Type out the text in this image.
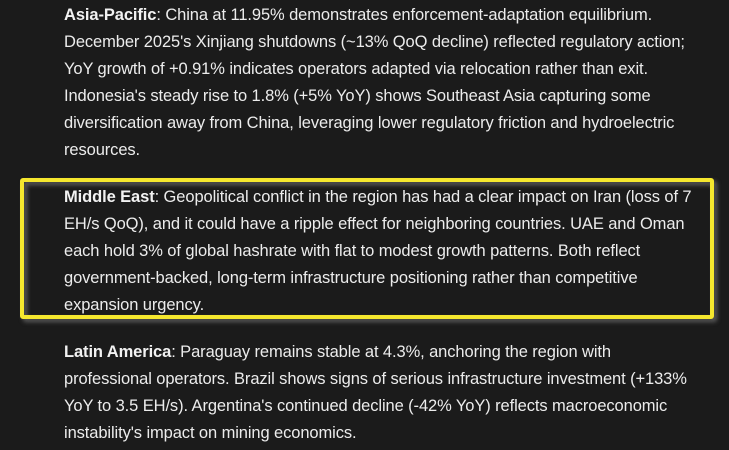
Asia-Pacific: China at 11.95% demonstrates enforcement-adaptation equilibrium. December 2025's Xinjiang shutdowns (~13% QoQ decline) reflected regulatory action; YoY growth of +0.91% indicates operators adapted via relocation rather than exit. Indonesia's steady rise to 1.8% (+5% YoY) shows Southeast Asia capturing some diversification away from China, leveraging lower regulatory friction and hydroelectric resources.

Middle East: Geopolitical conflict in the region has had a clear impact on Iran (loss of 7 EH/s QoQ), and it could have a ripple effect for neighboring countries. UAE and Oman each hold 3% of global hashrate with flat to modest growth patterns. Both reflect government-backed, long-term infrastructure positioning rather than competitive expansion urgency.

Latin America: Paraguay remains stable at 4.3%, anchoring the region with professional operators. Brazil shows signs of serious infrastructure investment (+133% YoY to 3.5 EH/s). Argentina's continued decline (-42% YoY) reflects macroeconomic instability's impact on mining economics.
